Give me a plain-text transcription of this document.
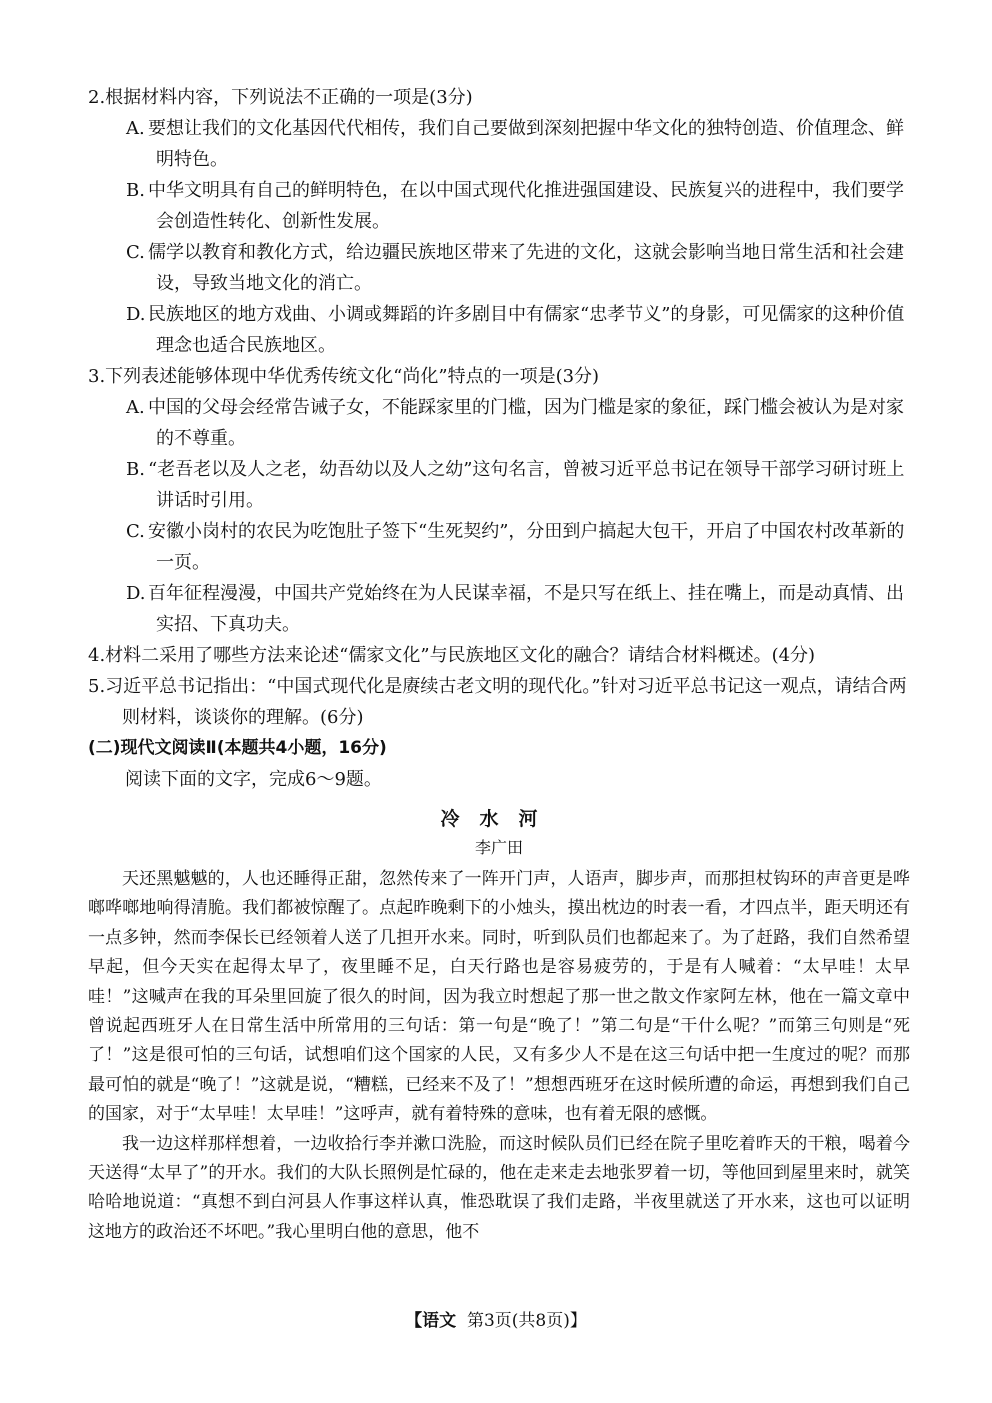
2.根据材料内容，下列说法不正确的一项是(3分)

A. 要想让我们的文化基因代代相传，我们自己要做到深刻把握中华文化的独特创造、价值理念、鲜明特色。

B. 中华文明具有自己的鲜明特色，在以中国式现代化推进强国建设、民族复兴的进程中，我们要学会创造性转化、创新性发展。

C. 儒学以教育和教化方式，给边疆民族地区带来了先进的文化，这就会影响当地日常生活和社会建设，导致当地文化的消亡。

D. 民族地区的地方戏曲、小调或舞蹈的许多剧目中有儒家“忠孝节义”的身影，可见儒家的这种价值理念也适合民族地区。

3.下列表述能够体现中华优秀传统文化“尚化”特点的一项是(3分)

A. 中国的父母会经常告诫子女，不能踩家里的门槛，因为门槛是家的象征，踩门槛会被认为是对家的不尊重。

B. “老吾老以及人之老，幼吾幼以及人之幼”这句名言，曾被习近平总书记在领导干部学习研讨班上讲话时引用。

C. 安徽小岗村的农民为吃饱肚子签下“生死契约”，分田到户搞起大包干，开启了中国农村改革新的一页。

D. 百年征程漫漫，中国共产党始终在为人民谋幸福，不是只写在纸上、挂在嘴上，而是动真情、出实招、下真功夫。

4.材料二采用了哪些方法来论述“儒家文化”与民族地区文化的融合？请结合材料概述。(4分)

5.习近平总书记指出：“中国式现代化是赓续古老文明的现代化。”针对习近平总书记这一观点，请结合两则材料，谈谈你的理解。(6分)

(二)现代文阅读Ⅱ(本题共4小题，16分)

阅读下面的文字，完成6～9题。

冷水河

李广田

天还黑魆魆的，人也还睡得正甜，忽然传来了一阵开门声，人语声，脚步声，而那担杖钩环的声音更是哗啷哗啷地响得清脆。我们都被惊醒了。点起昨晚剩下的小烛头，摸出枕边的时表一看，才四点半，距天明还有一点多钟，然而李保长已经领着人送了几担开水来。同时，听到队员们也都起来了。为了赶路，我们自然希望早起，但今天实在起得太早了，夜里睡不足，白天行路也是容易疲劳的，于是有人喊着：“太早哇！太早哇！”这喊声在我的耳朵里回旋了很久的时间，因为我立时想起了那一世之散文作家阿左林，他在一篇文章中曾说起西班牙人在日常生活中所常用的三句话：第一句是“晚了！”第二句是“干什么呢？”而第三句则是“死了！”这是很可怕的三句话，试想咱们这个国家的人民，又有多少人不是在这三句话中把一生度过的呢？而那最可怕的就是“晚了！”这就是说，“糟糕，已经来不及了！”想想西班牙在这时候所遭的命运，再想到我们自己的国家，对于“太早哇！太早哇！”这呼声，就有着特殊的意味，也有着无限的感慨。

我一边这样那样想着，一边收拾行李并漱口洗脸，而这时候队员们已经在院子里吃着昨天的干粮，喝着今天送得“太早了”的开水。我们的大队长照例是忙碌的，他在走来走去地张罗着一切，等他回到屋里来时，就笑哈哈地说道：“真想不到白河县人作事这样认真，惟恐耽误了我们走路，半夜里就送了开水来，这也可以证明这地方的政治还不坏吧。”我心里明白他的意思，他不

【语文 第3页(共8页)】
